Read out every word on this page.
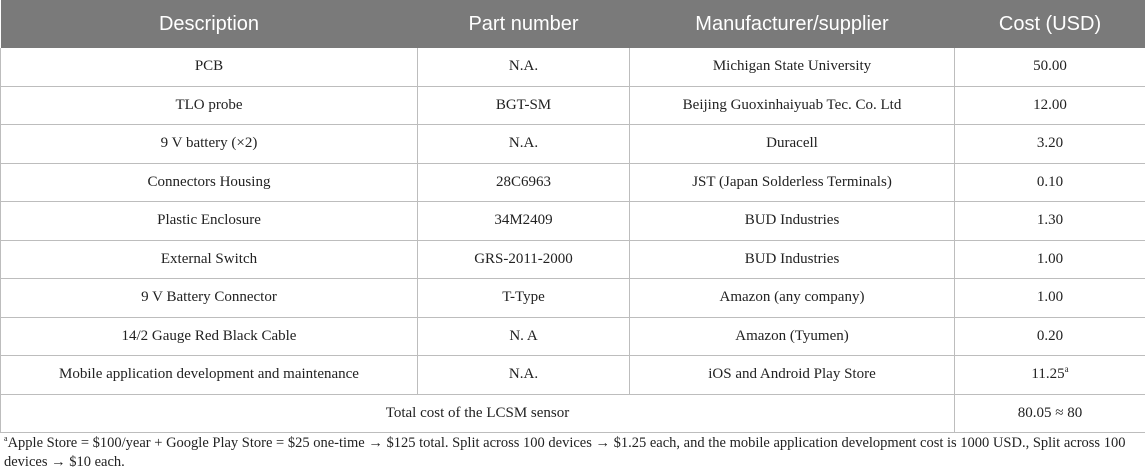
Description	Part number	Manufacturer/supplier	Cost (USD)
PCB	N.A.	Michigan State University	50.00
TLO probe	BGT-SM	Beijing Guoxinhaiyuab Tec. Co. Ltd	12.00
9 V battery (×2)	N.A.	Duracell	3.20
Connectors Housing	28C6963	JST (Japan Solderless Terminals)	0.10
Plastic Enclosure	34M2409	BUD Industries	1.30
External Switch	GRS-2011-2000	BUD Industries	1.00
9 V Battery Connector	T-Type	Amazon (any company)	1.00
14/2 Gauge Red Black Cable	N. A	Amazon (Tyumen)	0.20
Mobile application development and maintenance	N.A.	iOS and Android Play Store	11.25$^a$
Total cost of the LCSM sensor			80.05 ≈ 80
$^a$Apple Store = $100/year + Google Play Store = $25 one-time → $125 total. Split across 100 devices → $1.25 each, and the mobile application development cost is 1000 USD., Split across 100 devices → $10 each.
